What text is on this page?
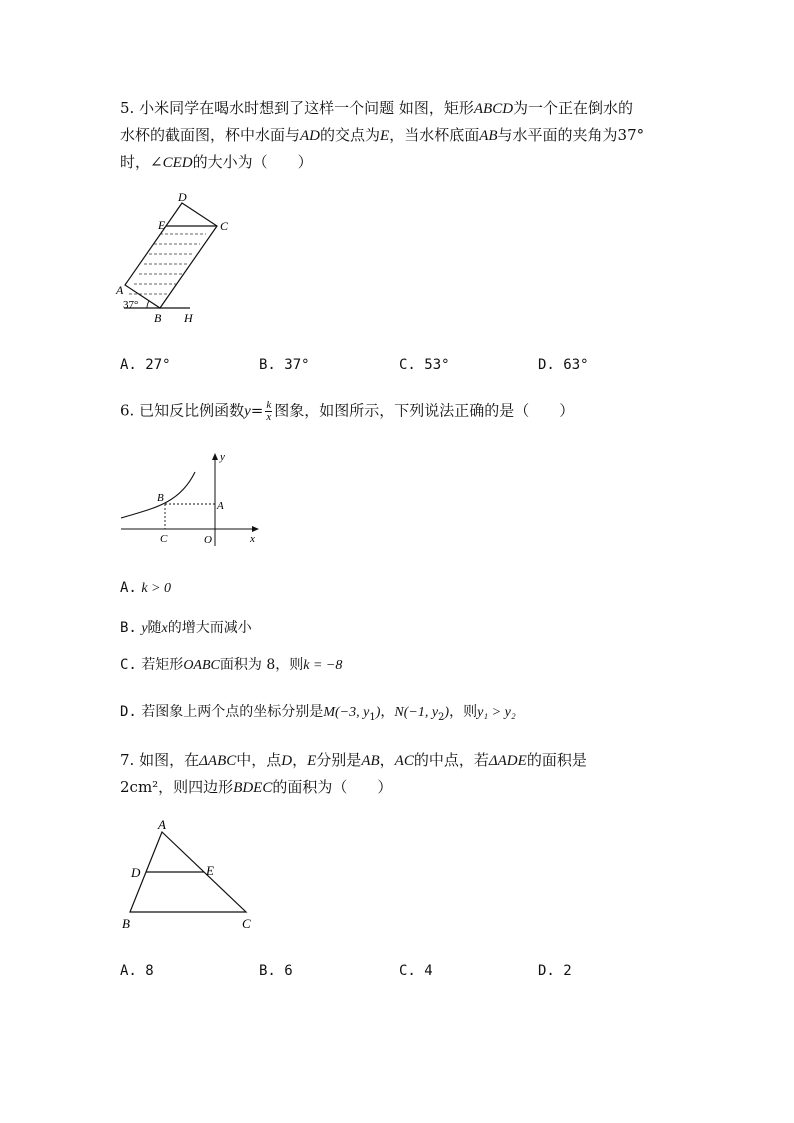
5. 小米同学在喝水时想到了这样一个问题 如图，矩形ABCD为一个正在倒水的
水杯的截面图，杯中水面与AD的交点为E，当水杯底面AB与水平面的夹角为37°
时，∠CED的大小为（　　）
D
E	C
A
37°
B H
A. 27°	B. 37°	C. 53°	D. 63°
6. 已知反比例函数$y= \frac{k}{x}$ 图象，如图所示，下列说法正确的是（　　）
y
B
A
C	O	x
A. k > 0
B. y随x的增大而减小
C. 若矩形OABC面积为 8，则k = −8
D. 若图象上两个点的坐标分别是M(−3, $y_1$)，N(−1, $y_2$)，则y₁ > y₂
7. 如图，在ΔABC中，点D，E分别是AB，AC的中点，若ΔADE的面积是
2cm²，则四边形BDEC的面积为（　　）
A
D	E
B	C
A. 8	B. 6	C. 4	D. 2
